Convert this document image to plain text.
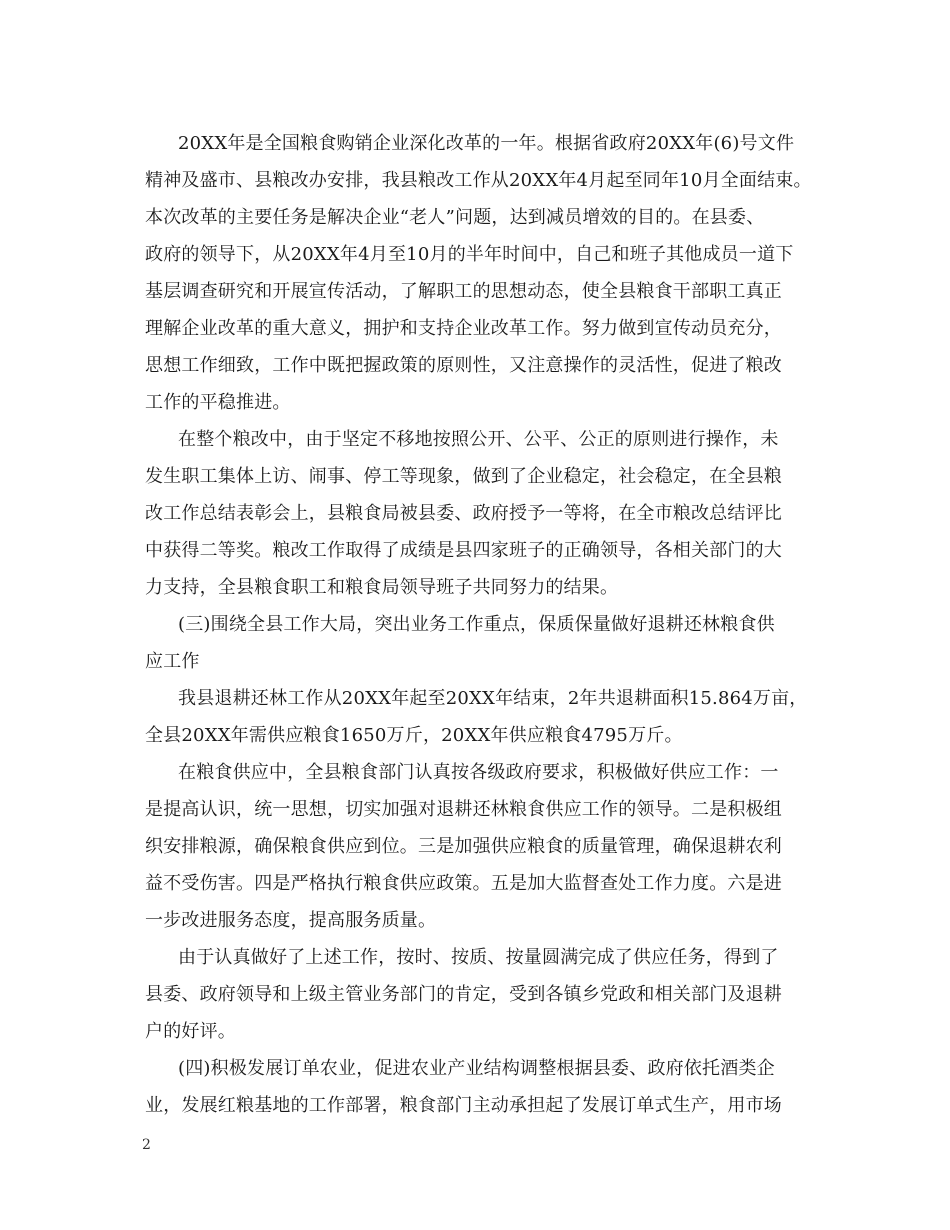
20XX年是全国粮食购销企业深化改革的一年。根据省政府20XX年(6)号文件
精神及盛市、县粮改办安排，我县粮改工作从20XX年4月起至同年10月全面结束。
本次改革的主要任务是解决企业“老人”问题，达到减员增效的目的。在县委、
政府的领导下，从20XX年4月至10月的半年时间中，自己和班子其他成员一道下
基层调查研究和开展宣传活动，了解职工的思想动态，使全县粮食干部职工真正
理解企业改革的重大意义，拥护和支持企业改革工作。努力做到宣传动员充分，
思想工作细致，工作中既把握政策的原则性，又注意操作的灵活性，促进了粮改
工作的平稳推进。
在整个粮改中，由于坚定不移地按照公开、公平、公正的原则进行操作，未
发生职工集体上访、闹事、停工等现象，做到了企业稳定，社会稳定，在全县粮
改工作总结表彰会上，县粮食局被县委、政府授予一等将，在全市粮改总结评比
中获得二等奖。粮改工作取得了成绩是县四家班子的正确领导，各相关部门的大
力支持，全县粮食职工和粮食局领导班子共同努力的结果。
(三)围绕全县工作大局，突出业务工作重点，保质保量做好退耕还林粮食供
应工作
我县退耕还林工作从20XX年起至20XX年结束，2年共退耕面积15.864万亩，
全县20XX年需供应粮食1650万斤，20XX年供应粮食4795万斤。
在粮食供应中，全县粮食部门认真按各级政府要求，积极做好供应工作：一
是提高认识，统一思想，切实加强对退耕还林粮食供应工作的领导。二是积极组
织安排粮源，确保粮食供应到位。三是加强供应粮食的质量管理，确保退耕农利
益不受伤害。四是严格执行粮食供应政策。五是加大监督查处工作力度。六是进
一步改进服务态度，提高服务质量。
由于认真做好了上述工作，按时、按质、按量圆满完成了供应任务，得到了
县委、政府领导和上级主管业务部门的肯定，受到各镇乡党政和相关部门及退耕
户的好评。
(四)积极发展订单农业，促进农业产业结构调整根据县委、政府依托酒类企
业，发展红粮基地的工作部署，粮食部门主动承担起了发展订单式生产，用市场
2
